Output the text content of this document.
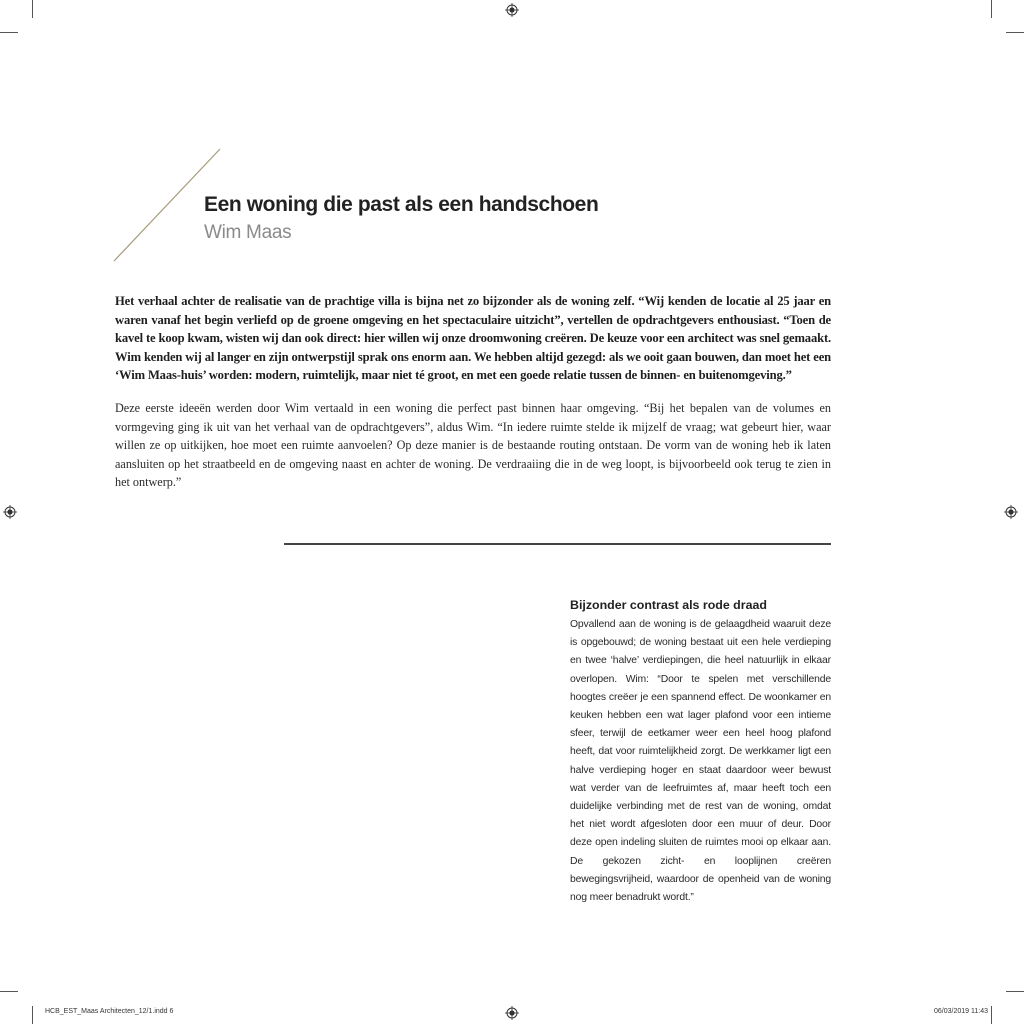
Een woning die past als een handschoen
Wim Maas

Het verhaal achter de realisatie van de prachtige villa is bijna net zo bijzonder als de woning zelf. “Wij kenden de locatie al 25 jaar en waren vanaf het begin verliefd op de groene omgeving en het spectaculaire uitzicht”, vertellen de opdrachtgevers enthousiast. “Toen de kavel te koop kwam, wisten wij dan ook direct: hier willen wij onze droomwoning creëren. De keuze voor een architect was snel gemaakt. Wim kenden wij al langer en zijn ontwerpstijl sprak ons enorm aan. We hebben altijd gezegd: als we ooit gaan bouwen, dan moet het een ‘Wim Maas-huis’ worden: modern, ruimtelijk, maar niet té groot, en met een goede relatie tussen de binnen- en buitenomgeving.”

Deze eerste ideeën werden door Wim vertaald in een woning die perfect past binnen haar omgeving. “Bij het bepalen van de volumes en vormgeving ging ik uit van het verhaal van de opdrachtgevers”, aldus Wim. “In iedere ruimte stelde ik mijzelf de vraag; wat gebeurt hier, waar willen ze op uitkijken, hoe moet een ruimte aanvoelen? Op deze manier is de bestaande routing ontstaan. De vorm van de woning heb ik laten aansluiten op het straatbeeld en de omgeving naast en achter de woning. De verdraaiing die in de weg loopt, is bijvoorbeeld ook terug te zien in het ontwerp.”

Bijzonder contrast als rode draad

Opvallend aan de woning is de gelaagdheid waaruit deze is opgebouwd; de woning bestaat uit een hele verdieping en twee ‘halve’ verdiepingen, die heel natuurlijk in elkaar overlopen. Wim: “Door te spelen met verschillende hoogtes creëer je een spannend effect. De woonkamer en keuken hebben een wat lager plafond voor een intieme sfeer, terwijl de eetkamer weer een heel hoog plafond heeft, dat voor ruimtelijkheid zorgt. De werkkamer ligt een halve verdieping hoger en staat daardoor weer bewust wat verder van de leefruimtes af, maar heeft toch een duidelijke verbinding met de rest van de woning, omdat het niet wordt afgesloten door een muur of deur. Door deze open indeling sluiten de ruimtes mooi op elkaar aan. De gekozen zicht- en looplijnen creëren bewegingsvrijheid, waardoor de openheid van de woning nog meer benadrukt wordt.”

HCB_EST_Maas Architecten_12/1.indd 6	06/03/2019 11:43
